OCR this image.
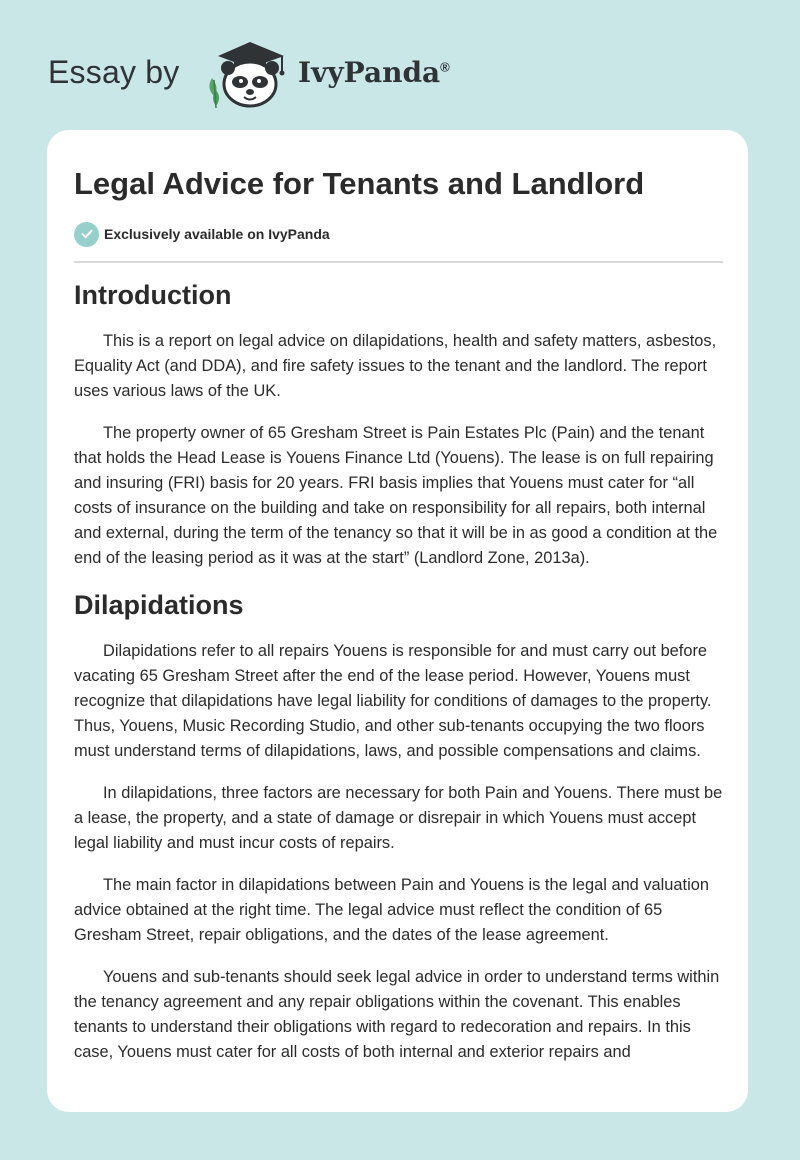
Essay by	IvyPanda®
Legal Advice for Tenants and Landlord
Exclusively available on IvyPanda
Introduction

This is a report on legal advice on dilapidations, health and safety matters, asbestos, Equality Act (and DDA), and fire safety issues to the tenant and the landlord. The report uses various laws of the UK.

The property owner of 65 Gresham Street is Pain Estates Plc (Pain) and the tenant that holds the Head Lease is Youens Finance Ltd (Youens). The lease is on full repairing and insuring (FRI) basis for 20 years. FRI basis implies that Youens must cater for “all costs of insurance on the building and take on responsibility for all repairs, both internal and external, during the term of the tenancy so that it will be in as good a condition at the end of the leasing period as it was at the start” (Landlord Zone, 2013a).

Dilapidations

Dilapidations refer to all repairs Youens is responsible for and must carry out before vacating 65 Gresham Street after the end of the lease period. However, Youens must recognize that dilapidations have legal liability for conditions of damages to the property. Thus, Youens, Music Recording Studio, and other sub-tenants occupying the two floors must understand terms of dilapidations, laws, and possible compensations and claims.

In dilapidations, three factors are necessary for both Pain and Youens. There must be a lease, the property, and a state of damage or disrepair in which Youens must accept legal liability and must incur costs of repairs.

The main factor in dilapidations between Pain and Youens is the legal and valuation advice obtained at the right time. The legal advice must reflect the condition of 65 Gresham Street, repair obligations, and the dates of the lease agreement.

Youens and sub-tenants should seek legal advice in order to understand terms within the tenancy agreement and any repair obligations within the covenant. This enables tenants to understand their obligations with regard to redecoration and repairs. In this case, Youens must cater for all costs of both internal and exterior repairs and
